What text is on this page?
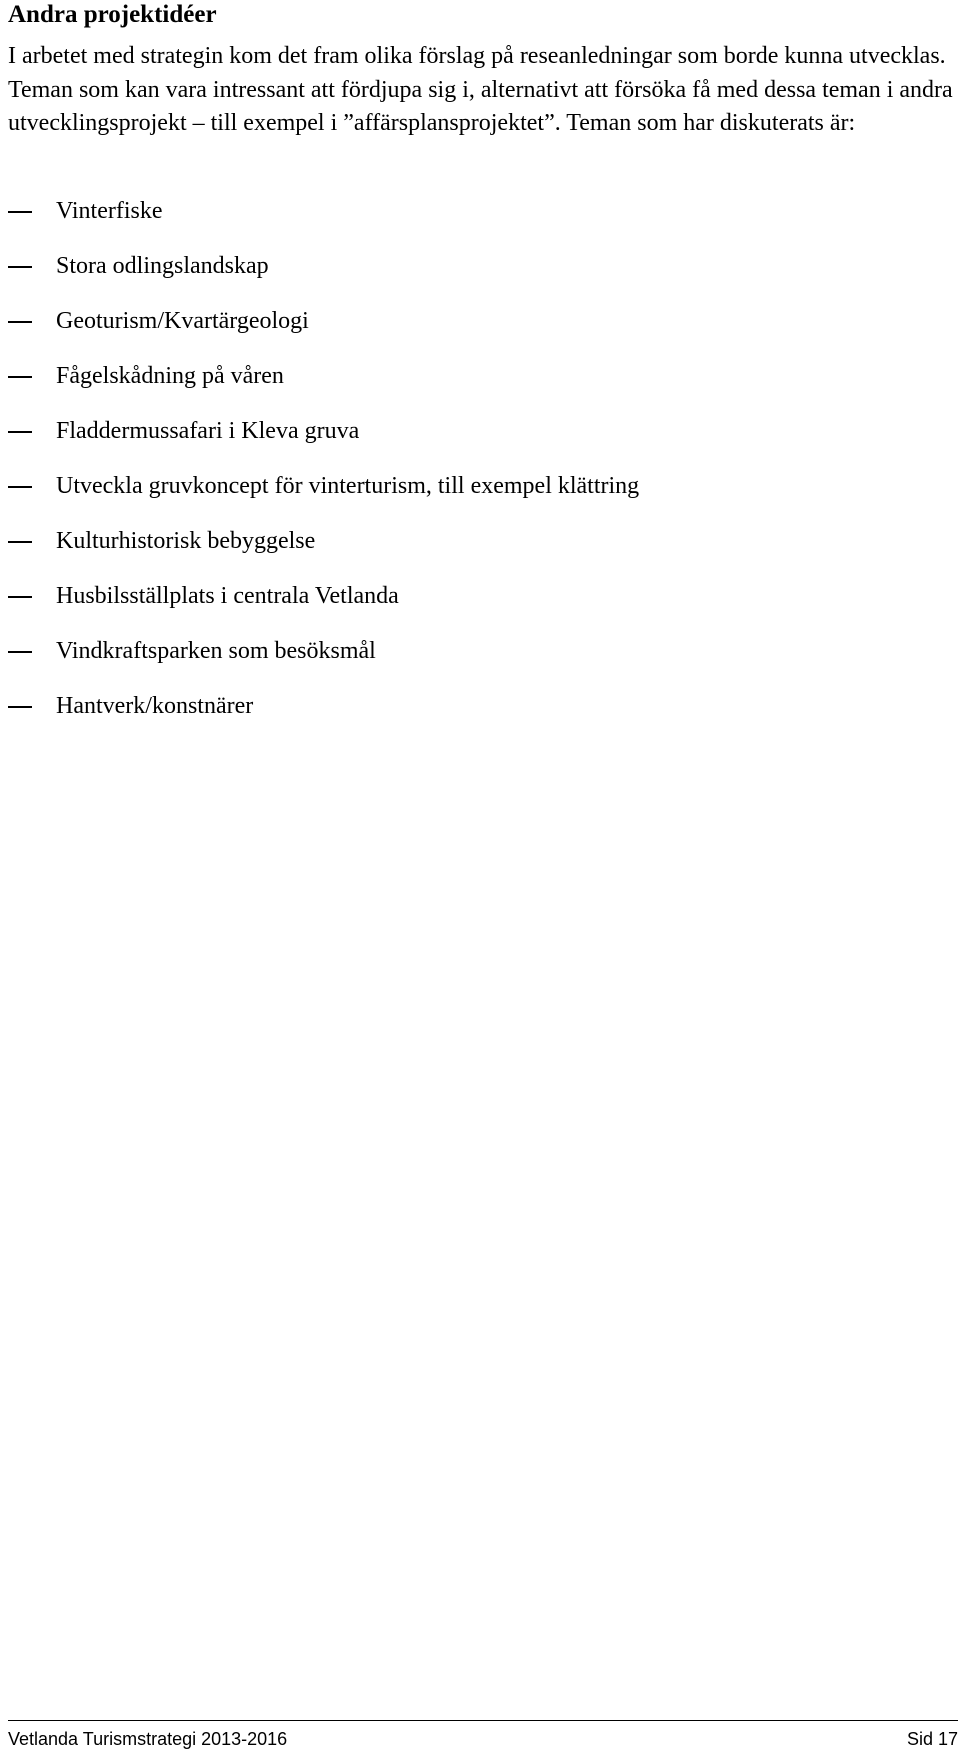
Andra projektidéer

I arbetet med strategin kom det fram olika förslag på reseanledningar som borde kunna utvecklas. Teman som kan vara intressant att fördjupa sig i, alternativt att försöka få med dessa teman i andra utvecklingsprojekt – till exempel i ”affärsplansprojektet”. Teman som har diskuterats är:

Vinterfiske
Stora odlingslandskap
Geoturism/Kvartärgeologi
Fågelskådning på våren
Fladdermussafari i Kleva gruva
Utveckla gruvkoncept för vinterturism, till exempel klättring
Kulturhistorisk bebyggelse
Husbilsställplats i centrala Vetlanda
Vindkraftsparken som besöksmål
Hantverk/konstnärer
Vetlanda Turismstrategi 2013-2016	Sid 17
